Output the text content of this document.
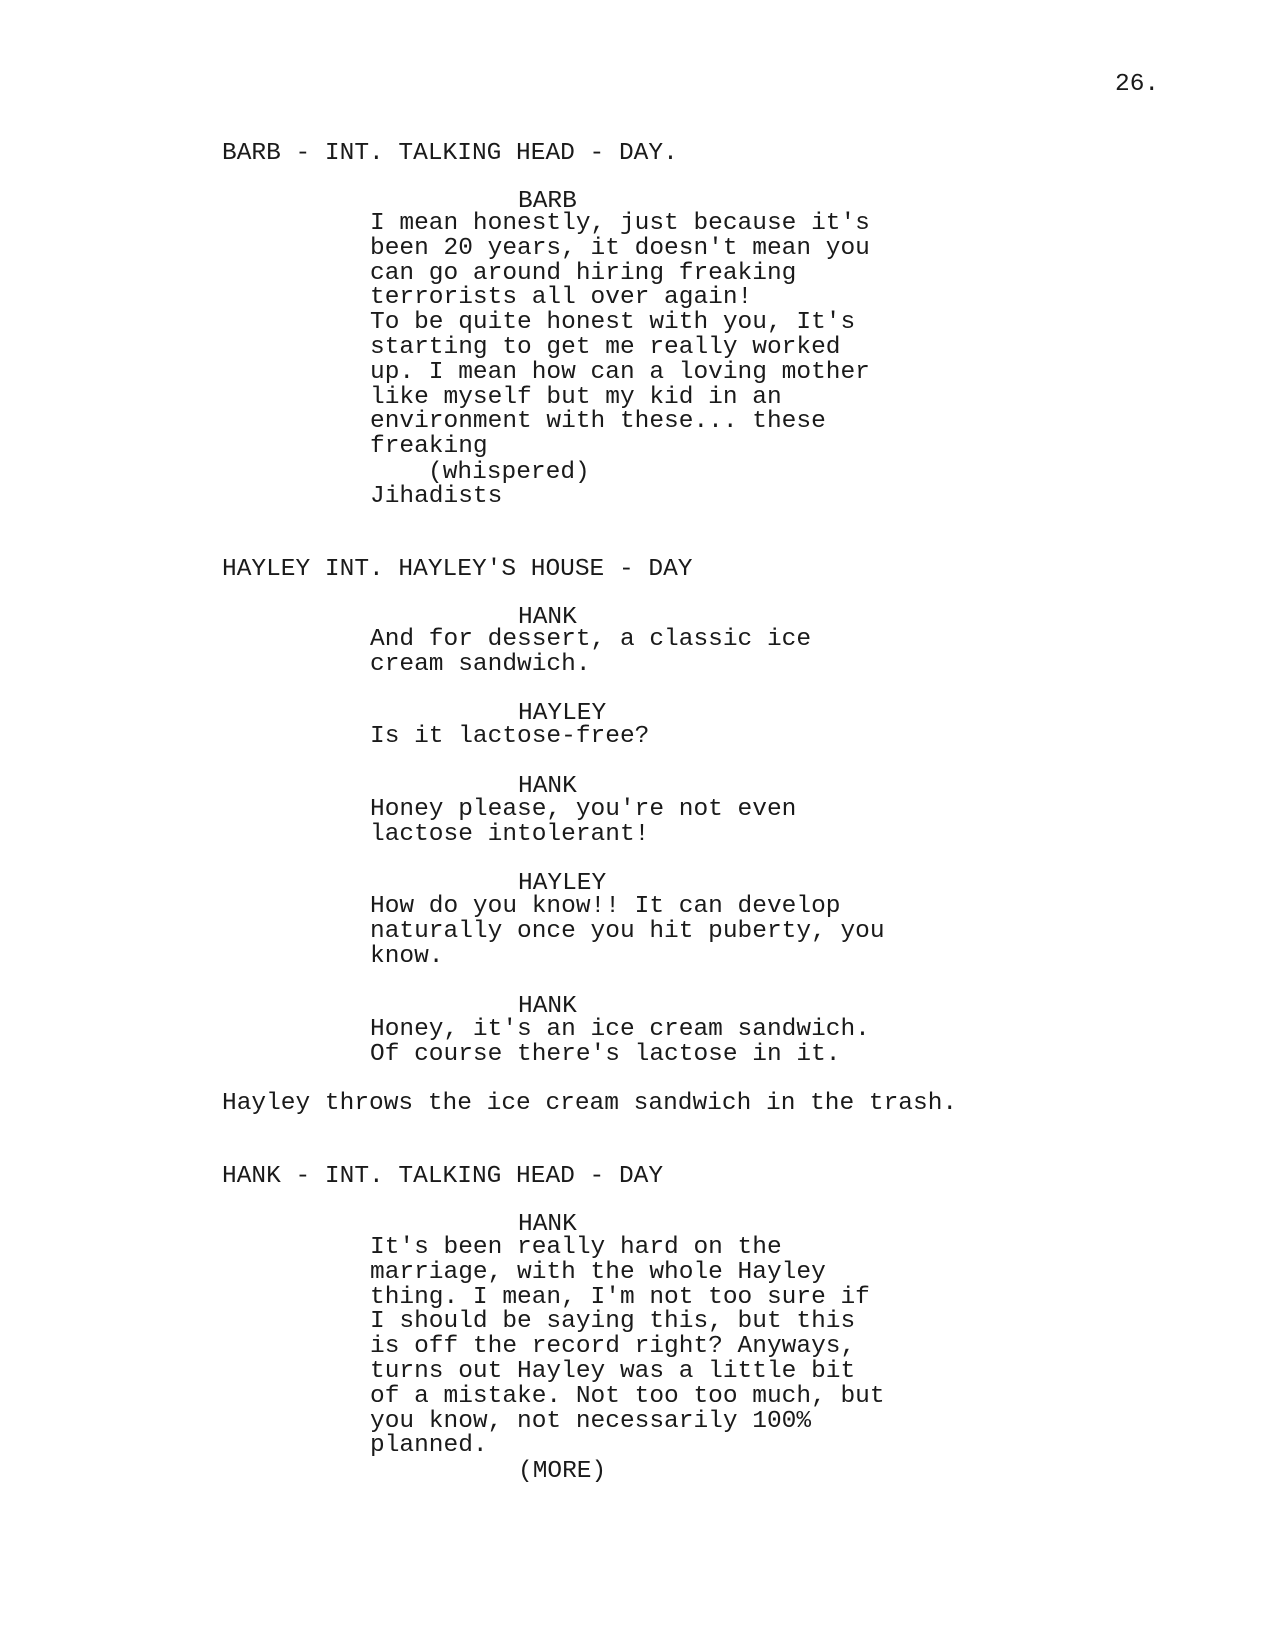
26.
BARB - INT. TALKING HEAD - DAY.
BARB
I mean honestly, just because it's
been 20 years, it doesn't mean you
can go around hiring freaking
terrorists all over again!
To be quite honest with you, It's
starting to get me really worked
up. I mean how can a loving mother
like myself but my kid in an
environment with these... these
freaking
(whispered)
Jihadists
HAYLEY INT. HAYLEY'S HOUSE - DAY
HANK
And for dessert, a classic ice
cream sandwich.
HAYLEY
Is it lactose-free?
HANK
Honey please, you're not even
lactose intolerant!
HAYLEY
How do you know!! It can develop
naturally once you hit puberty, you
know.
HANK
Honey, it's an ice cream sandwich.
Of course there's lactose in it.
Hayley throws the ice cream sandwich in the trash.
HANK - INT. TALKING HEAD - DAY
HANK
It's been really hard on the
marriage, with the whole Hayley
thing. I mean, I'm not too sure if
I should be saying this, but this
is off the record right? Anyways,
turns out Hayley was a little bit
of a mistake. Not too too much, but
you know, not necessarily 100%
planned.
(MORE)
